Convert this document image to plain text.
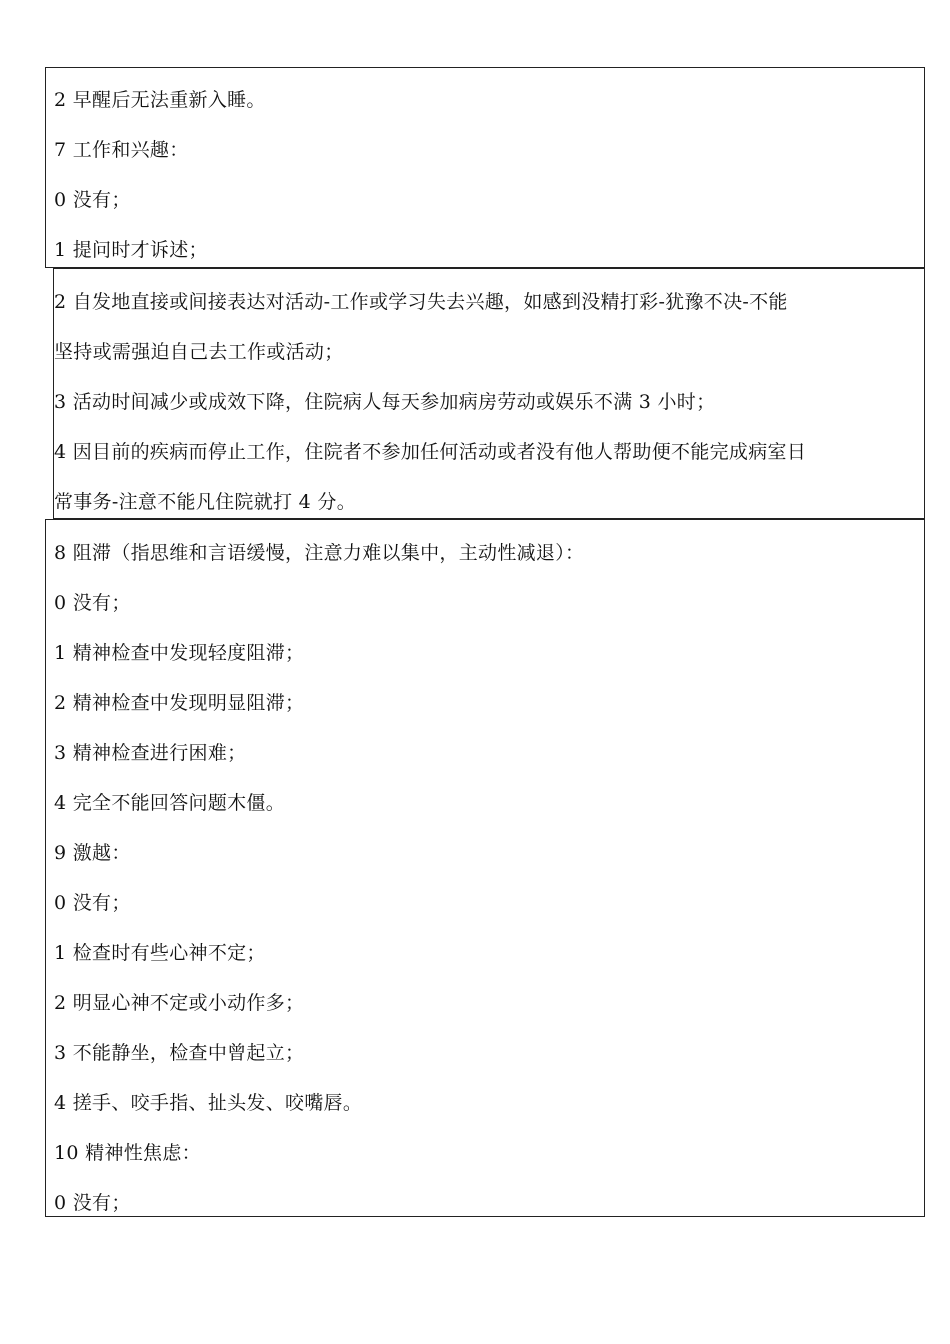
2 早醒后无法重新入睡。
7 工作和兴趣：
0 没有；
1 提问时才诉述；
2 自发地直接或间接表达对活动-工作或学习失去兴趣，如感到没精打彩-犹豫不决-不能
坚持或需强迫自己去工作或活动；
3 活动时间减少或成效下降，住院病人每天参加病房劳动或娱乐不满 3 小时；
4 因目前的疾病而停止工作，住院者不参加任何活动或者没有他人帮助便不能完成病室日
常事务-注意不能凡住院就打 4 分。
8 阻滞（指思维和言语缓慢，注意力难以集中，主动性减退）：
0 没有；
1 精神检查中发现轻度阻滞；
2 精神检查中发现明显阻滞；
3 精神检查进行困难；
4 完全不能回答问题木僵。
9 激越：
0 没有；
1 检查时有些心神不定；
2 明显心神不定或小动作多；
3 不能静坐，检查中曾起立；
4 搓手、咬手指、扯头发、咬嘴唇。
10 精神性焦虑：
0 没有；
